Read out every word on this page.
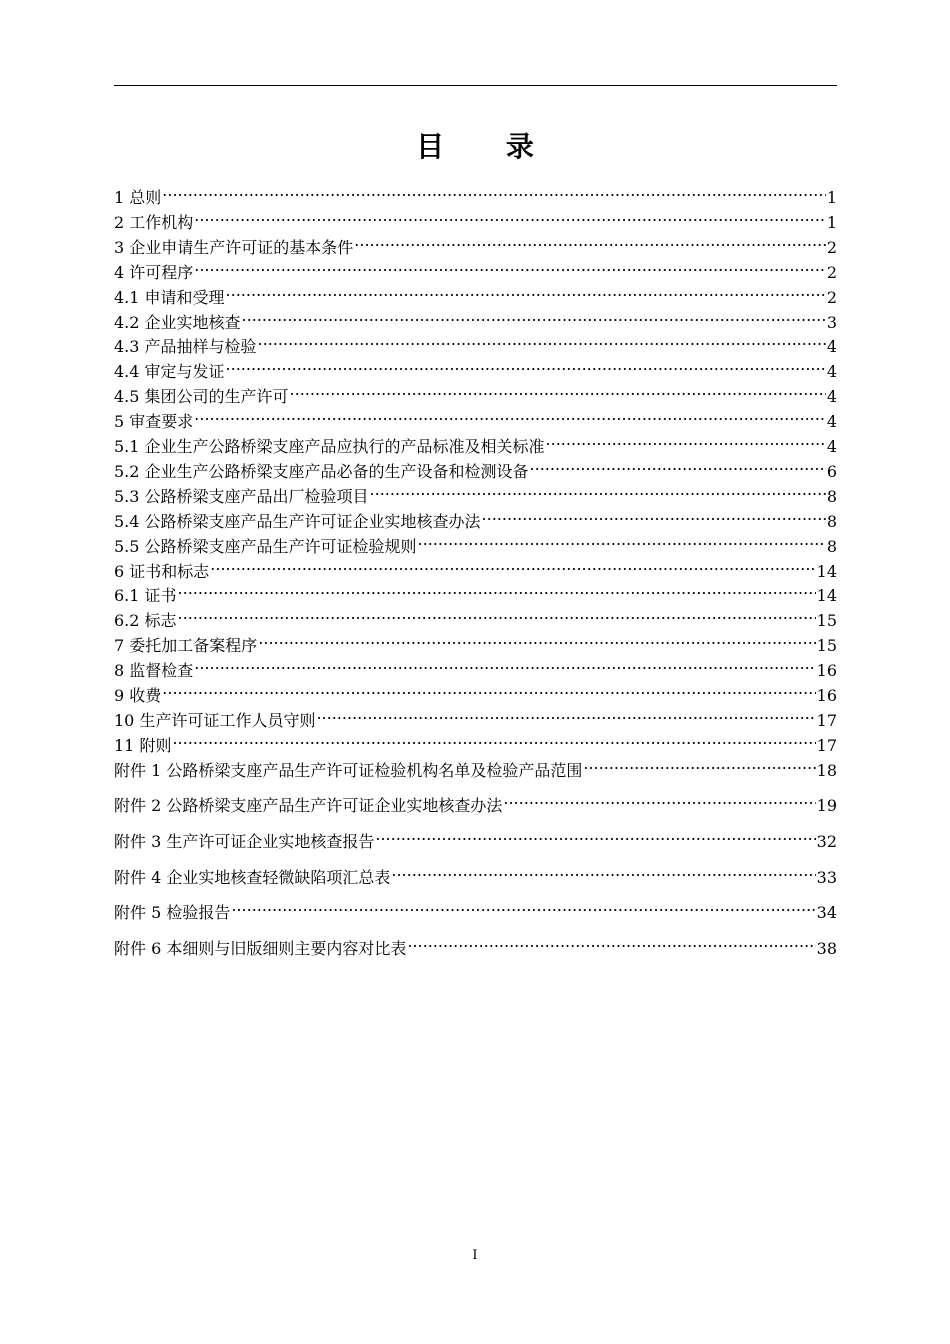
目 录
1 总则 .....	1
2 工作机构 .....	1
3 企业申请生产许可证的基本条件 .....	2
4 许可程序 .....	2
4.1 申请和受理 .....	2
4.2 企业实地核查 .....	3
4.3 产品抽样与检验 .....	4
4.4 审定与发证 .....	4
4.5 集团公司的生产许可 .....	4
5 审查要求 .....	4
5.1 企业生产公路桥梁支座产品应执行的产品标准及相关标准 .....	4
5.2 企业生产公路桥梁支座产品必备的生产设备和检测设备 .....	6
5.3 公路桥梁支座产品出厂检验项目 .....	8
5.4 公路桥梁支座产品生产许可证企业实地核查办法 .....	8
5.5 公路桥梁支座产品生产许可证检验规则 .....	8
6 证书和标志 .....	14
6.1 证书 .....	14
6.2 标志 .....	15
7 委托加工备案程序 .....	15
8 监督检查 .....	16
9 收费 .....	16
10 生产许可证工作人员守则 .....	17
11 附则 .....	17
附件 1 公路桥梁支座产品生产许可证检验机构名单及检验产品范围 .....	18
附件 2 公路桥梁支座产品生产许可证企业实地核查办法 .....	19
附件 3 生产许可证企业实地核查报告 .....	32
附件 4 企业实地核查轻微缺陷项汇总表 .....	33
附件 5 检验报告 .....	34
附件 6 本细则与旧版细则主要内容对比表 .....	38
I
